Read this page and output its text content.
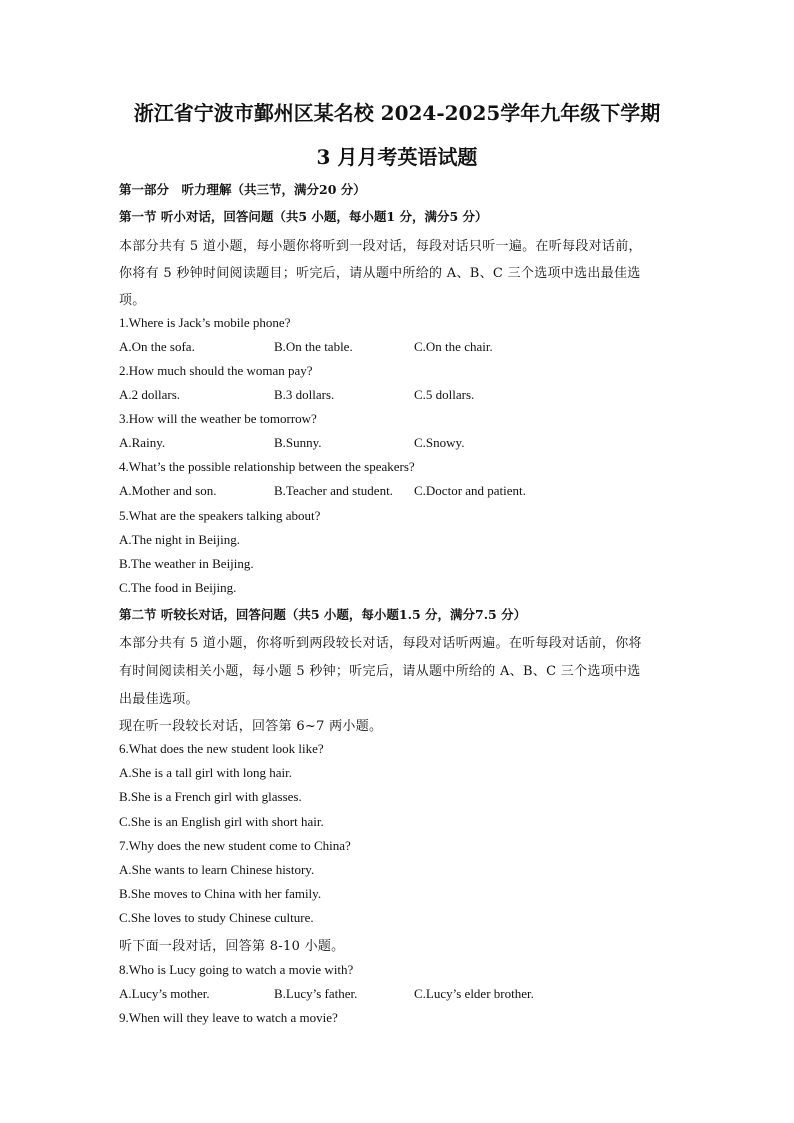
浙江省宁波市鄞州区某名校 2024-2025学年九年级下学期
3 月月考英语试题
第一部分　听力理解（共三节，满分20 分）
第一节 听小对话，回答问题（共5 小题，每小题1 分，满分5 分）
本部分共有 5 道小题，每小题你将听到一段对话，每段对话只听一遍。在听每段对话前，
你将有 5 秒钟时间阅读题目；听完后，请从题中所给的 A、B、C 三个选项中选出最佳选
项。
1.Where is Jack’s mobile phone?
A.On the sofa.	B.On the table.	C.On the chair.
2.How much should the woman pay?
A.2 dollars.	B.3 dollars.	C.5 dollars.
3.How will the weather be tomorrow?
A.Rainy.	B.Sunny.	C.Snowy.
4.What’s the possible relationship between the speakers?
A.Mother and son.	B.Teacher and student. C.Doctor and patient.
5.What are the speakers talking about?
A.The night in Beijing.
B.The weather in Beijing.
C.The food in Beijing.
第二节 听较长对话，回答问题（共5 小题，每小题1.5 分，满分7.5 分）
本部分共有 5 道小题，你将听到两段较长对话，每段对话听两遍。在听每段对话前，你将
有时间阅读相关小题，每小题 5 秒钟；听完后，请从题中所给的 A、B、C 三个选项中选
出最佳选项。
现在听一段较长对话，回答第 6~7 两小题。
6.What does the new student look like?
A.She is a tall girl with long hair.
B.She is a French girl with glasses.
C.She is an English girl with short hair.
7.Why does the new student come to China?
A.She wants to learn Chinese history.
B.She moves to China with her family.
C.She loves to study Chinese culture.
听下面一段对话，回答第 8-10 小题。
8.Who is Lucy going to watch a movie with?
A.Lucy’s mother.	B.Lucy’s father.	C.Lucy’s elder brother.
9.When will they leave to watch a movie?
